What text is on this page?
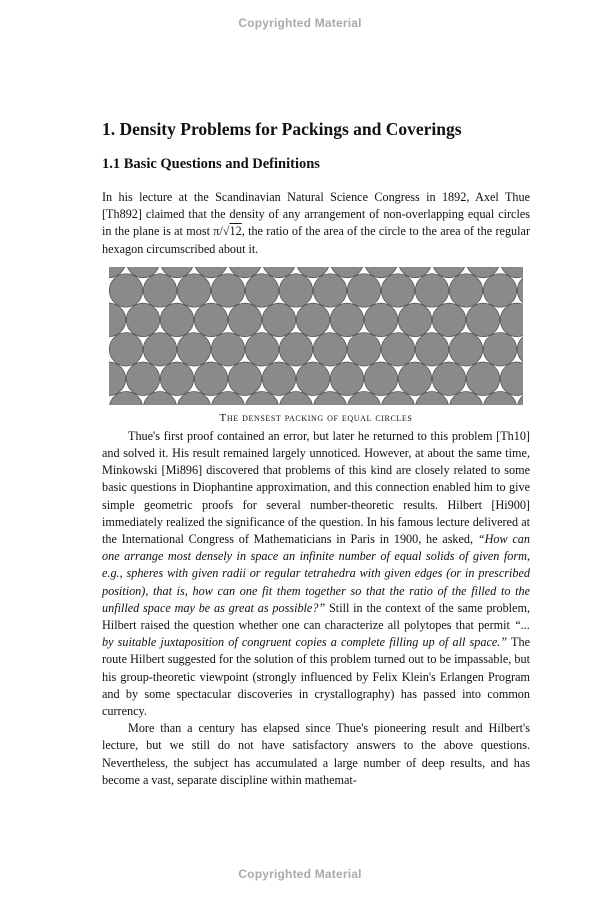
Copyrighted Material
1. Density Problems for Packings and Coverings
1.1 Basic Questions and Definitions

In his lecture at the Scandinavian Natural Science Congress in 1892, Axel Thue [Th892] claimed that the density of any arrangement of non-overlapping equal circles in the plane is at most π/√12, the ratio of the area of the circle to the area of the regular hexagon circumscribed about it.

The densest packing of equal circles

Thue's first proof contained an error, but later he returned to this problem [Th10] and solved it. His result remained largely unnoticed. However, at about the same time, Minkowski [Mi896] discovered that problems of this kind are closely related to some basic questions in Diophantine approximation, and this connection enabled him to give simple geometric proofs for several number-theoretic results. Hilbert [Hi900] immediately realized the significance of the question. In his famous lecture delivered at the International Congress of Mathematicians in Paris in 1900, he asked, “How can one arrange most densely in space an infinite number of equal solids of given form, e.g., spheres with given radii or regular tetrahedra with given edges (or in prescribed position), that is, how can one fit them together so that the ratio of the filled to the unfilled space may be as great as possible?” Still in the context of the same problem, Hilbert raised the question whether one can characterize all polytopes that permit “... by suitable juxtaposition of congruent copies a complete filling up of all space.” The route Hilbert suggested for the solution of this problem turned out to be impassable, but his group-theoretic viewpoint (strongly influenced by Felix Klein's Erlangen Program and by some spectacular discoveries in crystallography) has passed into common currency.

More than a century has elapsed since Thue's pioneering result and Hilbert's lecture, but we still do not have satisfactory answers to the above questions. Nevertheless, the subject has accumulated a large number of deep results, and has become a vast, separate discipline within mathemat-

Copyrighted Material
